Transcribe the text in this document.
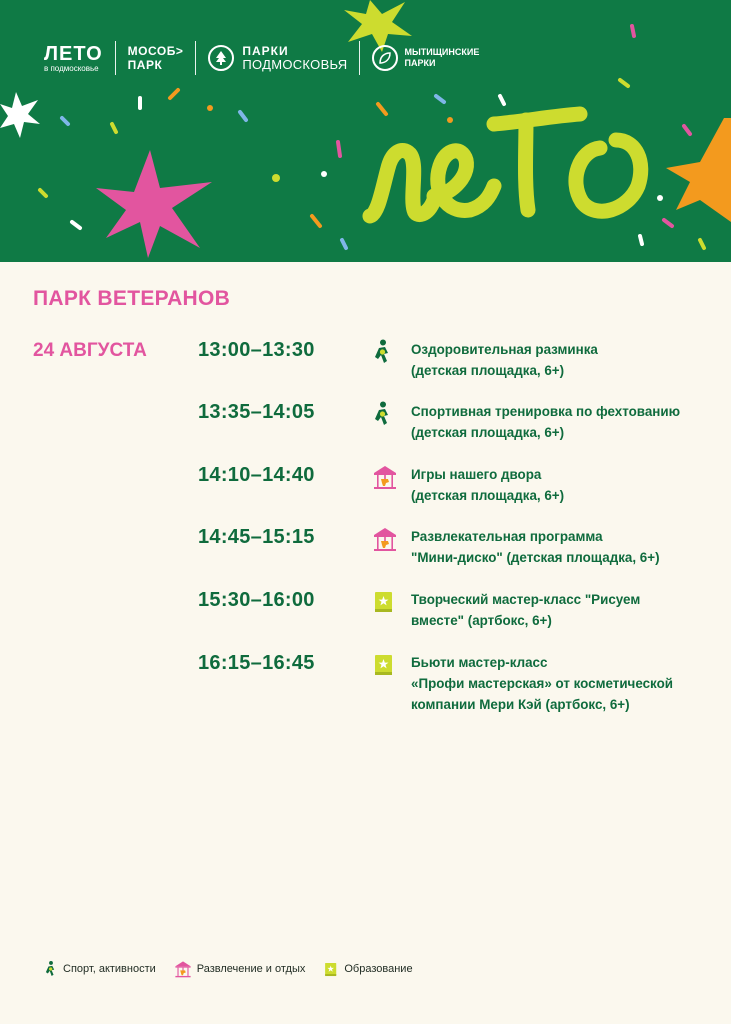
ЛЕТО
в подмосковье
МОСОБ>
ПАРК
ПАРКИ
ПОДМОСКОВЬЯ
МЫТИЩИНСКИЕ
ПАРКИ
ПАРК ВЕТЕРАНОВ
24 АВГУСТА	13:00–13:30	Оздоровительная разминка
(детская площадка, 6+)
13:35–14:05	Спортивная тренировка по фехтованию
(детская площадка, 6+)
14:10–14:40	Игры нашего двора
(детская площадка, 6+)
14:45–15:15	Развлекательная программа
"Мини-диско" (детская площадка, 6+)
15:30–16:00	Творческий мастер-класс "Рисуем
вместе" (артбокс, 6+)
16:15–16:45	Бьюти мастер-класс
«Профи мастерская» от косметической
компании Мери Кэй (артбокс, 6+)
Спорт, активности	Развлечение и отдых	Образование
